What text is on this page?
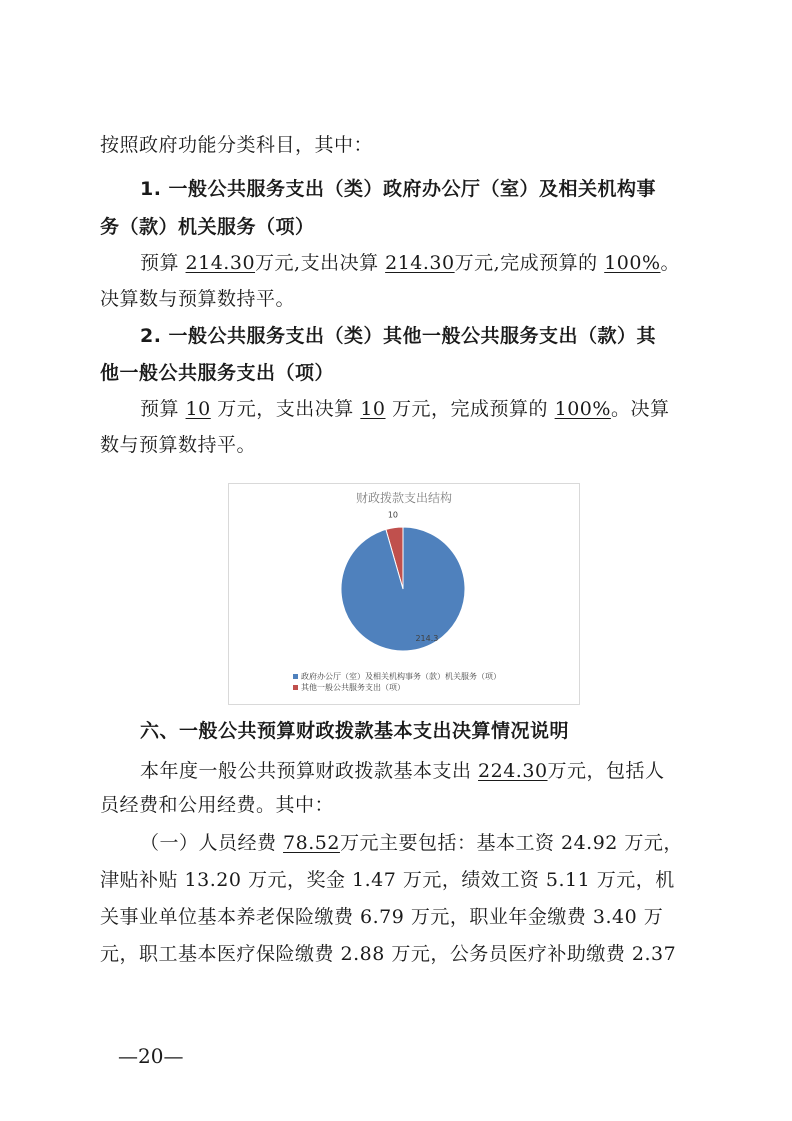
按照政府功能分类科目，其中：
1. 一般公共服务支出（类）政府办公厅（室）及相关机构事
务（款）机关服务（项）
预算 214.30万元,支出决算 214.30万元,完成预算的 100%。
决算数与预算数持平。
2. 一般公共服务支出（类）其他一般公共服务支出（款）其
他一般公共服务支出（项）
预算 10 万元，支出决算 10 万元，完成预算的 100%。决算
数与预算数持平。
财政拨款支出结构
10
214.3
政府办公厅（室）及相关机构事务（款）机关服务（项）
其他一般公共服务支出（项）
六、一般公共预算财政拨款基本支出决算情况说明
本年度一般公共预算财政拨款基本支出 224.30万元，包括人
员经费和公用经费。其中：
（一）人员经费 78.52万元主要包括：基本工资 24.92 万元，
津贴补贴 13.20 万元，奖金 1.47 万元，绩效工资 5.11 万元，机
关事业单位基本养老保险缴费 6.79 万元，职业年金缴费 3.40 万
元，职工基本医疗保险缴费 2.88 万元，公务员医疗补助缴费 2.37
—20—
